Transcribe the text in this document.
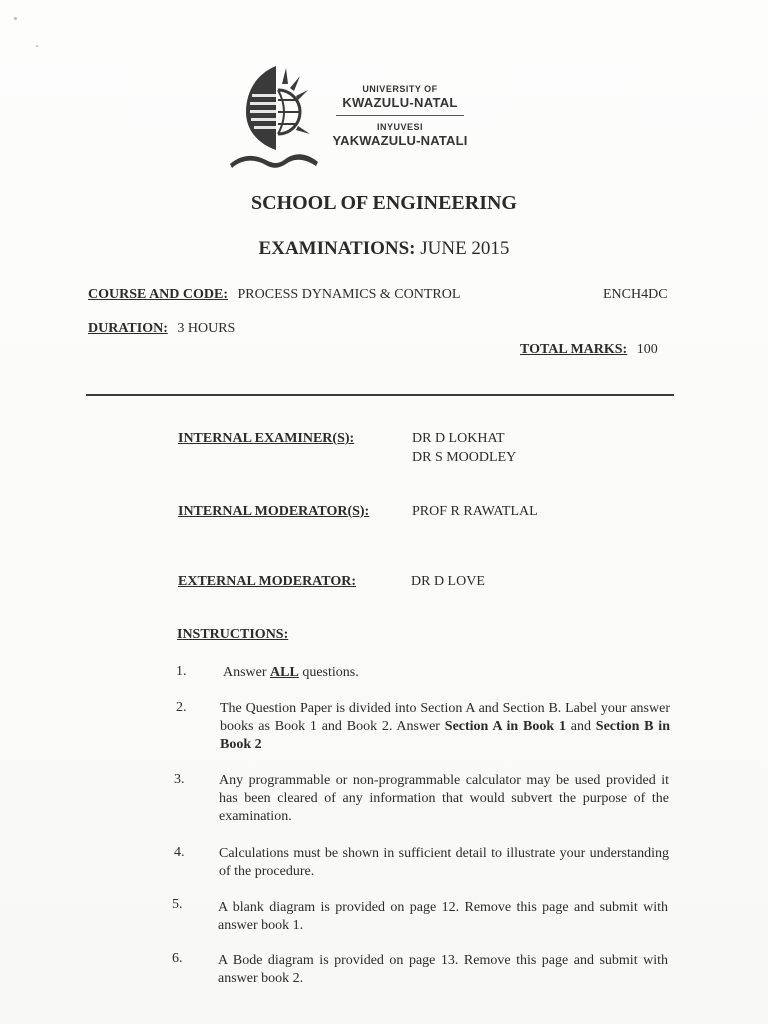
UNIVERSITY OF
KWAZULU-NATAL
INYUVESI
YAKWAZULU-NATALI
SCHOOL OF ENGINEERING
EXAMINATIONS: JUNE 2015
COURSE AND CODE: PROCESS DYNAMICS & CONTROL	ENCH4DC
DURATION: 3 HOURS
TOTAL MARKS: 100
INTERNAL EXAMINER(S):	DR D LOKHAT
DR S MOODLEY
INTERNAL MODERATOR(S):	PROF R RAWATLAL
EXTERNAL MODERATOR:	DR D LOVE
INSTRUCTIONS:
1.	Answer ALL questions.
2. The Question Paper is divided into Section A and Section B. Label your answer books as Book 1 and Book 2. Answer Section A in Book 1 and Section B in Book 2
3. Any programmable or non-programmable calculator may be used provided it has been cleared of any information that would subvert the purpose of the examination.
4. Calculations must be shown in sufficient detail to illustrate your understanding of the procedure.
5.	A blank diagram is provided on page 12. Remove this page and submit with answer book 1.
6.	A Bode diagram is provided on page 13. Remove this page and submit with answer book 2.
